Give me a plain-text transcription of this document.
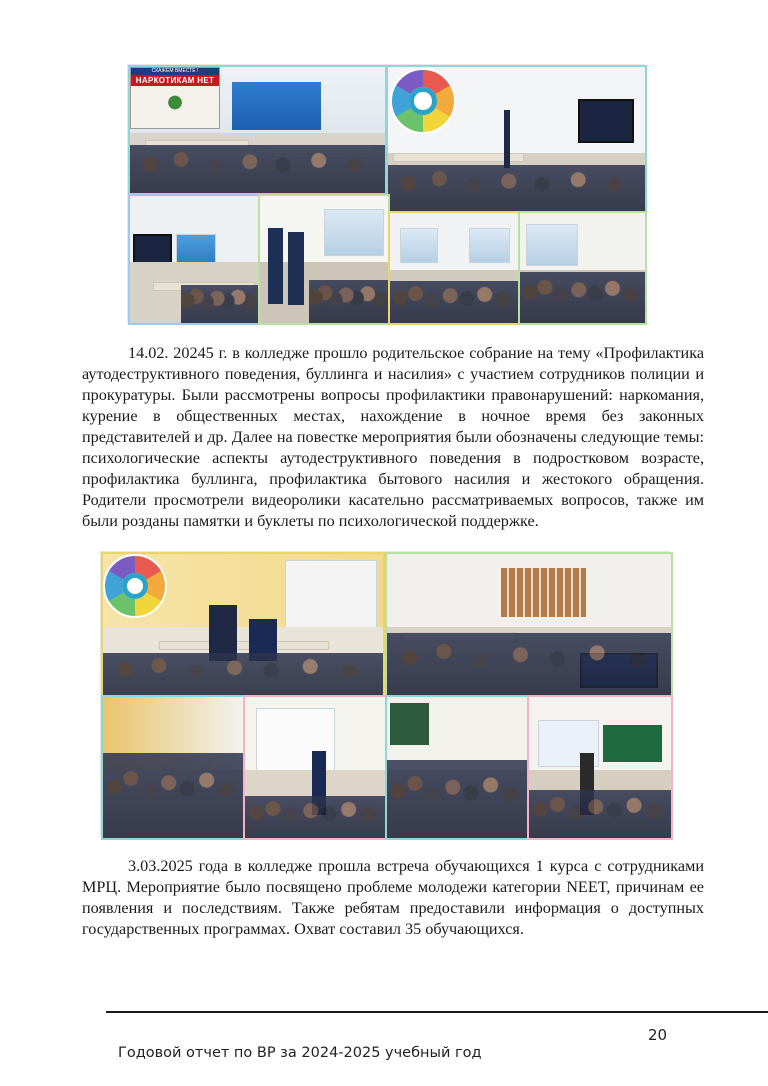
СКАЖЕМ ВМЕСТЕ !
НАРКОТИКАМ НЕТ

14.02. 20245 г. в колледже прошло родительское собрание на тему «Профилактика аутодеструктивного поведения, буллинга и насилия» с участием сотрудников полиции и прокуратуры. Были рассмотрены вопросы профилактики правонарушений: наркомания, курение в общественных местах, нахождение в ночное время без законных представителей и др. Далее на повестке мероприятия были обозначены следующие темы: психологические аспекты аутодеструктивного поведения в подростковом возрасте, профилактика буллинга, профилактика бытового насилия и жестокого обращения. Родители просмотрели видеоролики касательно рассматриваемых вопросов, также им были розданы памятки и буклеты по психологической поддержке.

3.03.2025 года в колледже прошла встреча обучающихся 1 курса с сотрудниками МРЦ. Мероприятие было посвящено проблеме молодежи категории NEET, причинам ее появления и последствиям. Также ребятам предоставили информация о доступных государственных программах. Охват составил 35 обучающихся.

20
Годовой отчет по ВР за 2024-2025 учебный год
